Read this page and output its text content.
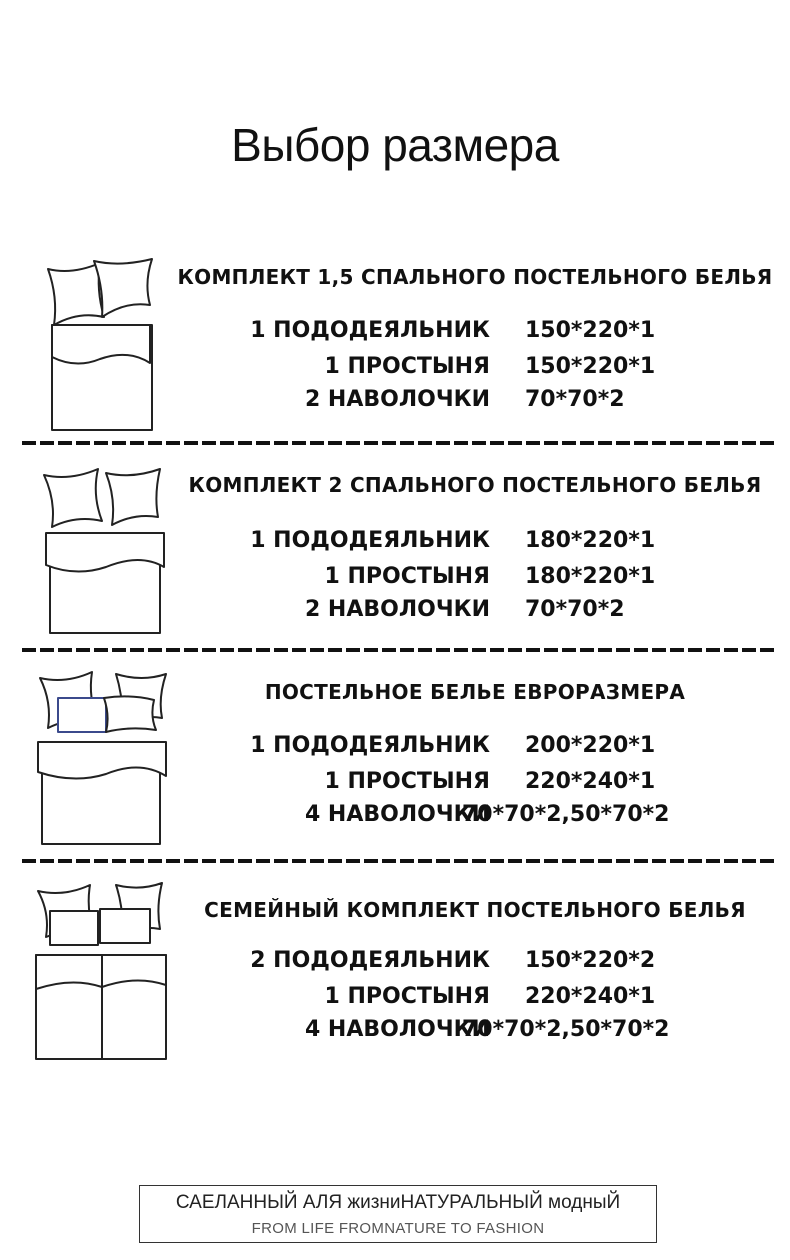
Выбор размера
КОМПЛЕКТ 1,5 СПАЛЬНОГО ПОСТЕЛЬНОГО БЕЛЬЯ
1 ПОДОДЕЯЛЬНИК 150*220*1
1 ПРОСТЫНЯ 150*220*1
2 НАВОЛОЧКИ 70*70*2
КОМПЛЕКТ 2 СПАЛЬНОГО ПОСТЕЛЬНОГО БЕЛЬЯ
1 ПОДОДЕЯЛЬНИК 180*220*1
1 ПРОСТЫНЯ 180*220*1
2 НАВОЛОЧКИ 70*70*2
ПОСТЕЛЬНОЕ БЕЛЬЕ ЕВРОРАЗМЕРА
1 ПОДОДЕЯЛЬНИК 200*220*1
1 ПРОСТЫНЯ 220*240*1
4 НАВОЛОЧКИ
70*70*2,50*70*2
СЕМЕЙНЫЙ КОМПЛЕКТ ПОСТЕЛЬНОГО БЕЛЬЯ
2 ПОДОДЕЯЛЬНИК 150*220*2
1 ПРОСТЫНЯ 220*240*1
4 НАВОЛОЧКИ
70*70*2,50*70*2
САЕЛАННЫЙ АЛЯ жизниНАТУРАЛЬНЫЙ модныЙ
FROM LIFE FROMNATURE TO FASHION
